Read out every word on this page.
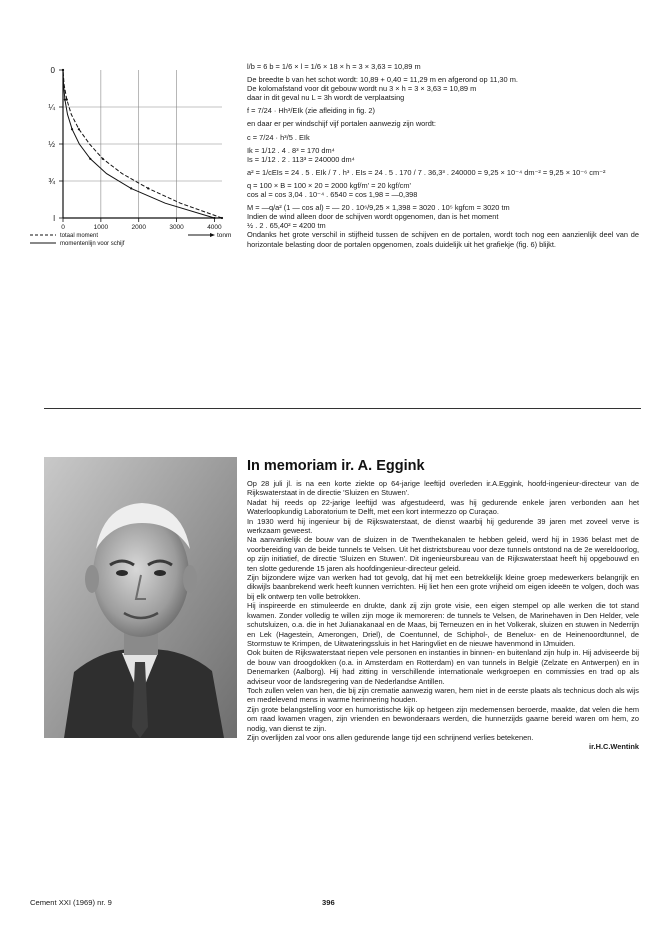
0
¼
½
¾
l
0	1000	2000	3000	4000
totaal moment
momentenlijn voor schijf
tonm
l/b = 6 b = 1/6 × l = 1/6 × 18 × h = 3 × 3,63 = 10,89 m
De breedte b van het schot wordt: 10,89 + 0,40 = 11,29 m en afgerond op 11,30 m.
De kolomafstand voor dit gebouw wordt nu 3 × h = 3 × 3,63 = 10,89 m
daar in dit geval nu L = 3h wordt de verplaatsing
f = 7/24 · Hh³/EIk (zie afleiding in fig. 2)
en daar er per windschijf vijf portalen aanwezig zijn wordt:
c = 7/24 · h³/5 . EIk
Ik = 1/12 . 4 . 8³ = 170 dm⁴
Is = 1/12 . 2 . 113³ = 240000 dm⁴
a² = 1/cEIs = 24 . 5 . EIk / 7 . h³ . EIs = 24 . 5 . 170 / 7 . 36,3³ . 240000 = 9,25 × 10⁻⁴ dm⁻² = 9,25 × 10⁻⁶ cm⁻²
q = 100 × B = 100 × 20 = 2000 kgf/m' = 20 kgf/cm'
cos al = cos 3,04 . 10⁻⁴ . 6540 = cos 1,98 = —0,398
M = —q/a² (1 — cos al) = — 20 . 10⁶/9,25 × 1,398 = 3020 . 10⁵ kgfcm = 3020 tm
Indien de wind alleen door de schijven wordt opgenomen, dan is het moment
½ . 2 . 65,40² = 4200 tm
Ondanks het grote verschil in stijfheid tussen de schijven en de portalen, wordt toch nog een aanzienlijk deel van de horizontale belasting door de portalen opgenomen, zoals duidelijk uit het grafiekje (fig. 6) blijkt.
In memoriam ir. A. Eggink

Op 28 juli jl. is na een korte ziekte op 64-jarige leeftijd overleden ir.A.Eggink, hoofd-ingenieur-directeur van de Rijkswaterstaat in de directie 'Sluizen en Stuwen'.

Nadat hij reeds op 22-jarige leeftijd was afgestudeerd, was hij gedurende enkele jaren verbonden aan het Waterloopkundig Laboratorium te Delft, met een kort intermezzo op Curaçao.

In 1930 werd hij ingenieur bij de Rijkswaterstaat, de dienst waarbij hij gedurende 39 jaren met zoveel verve is werkzaam geweest.

Na aanvankelijk de bouw van de sluizen in de Twenthekanalen te hebben geleid, werd hij in 1936 belast met de voorbereiding van de beide tunnels te Velsen. Uit het districtsbureau voor deze tunnels ontstond na de 2e wereldoorlog, op zijn initiatief, de directie 'Sluizen en Stuwen'. Dit ingenieursbureau van de Rijkswaterstaat heeft hij opgebouwd en ten slotte gedurende 15 jaren als hoofdingenieur-directeur geleid.

Zijn bijzondere wijze van werken had tot gevolg, dat hij met een betrekkelijk kleine groep medewerkers belangrijk en dikwijls baanbrekend werk heeft kunnen verrichten. Hij liet hen een grote vrijheid om eigen ideeën te volgen, doch was bij elk ontwerp ten volle betrokken.

Hij inspireerde en stimuleerde en drukte, dank zij zijn grote visie, een eigen stempel op alle werken die tot stand kwamen. Zonder volledig te willen zijn moge ik memoreren: de tunnels te Velsen, de Marinehaven in Den Helder, vele schutsluizen, o.a. die in het Julianakanaal en de Maas, bij Terneuzen en in het Volkerak, sluizen en stuwen in Nederrijn en Lek (Hagestein, Amerongen, Driel), de Coentunnel, de Schiphol-, de Benelux- en de Heinenoordtunnel, de Stormstuw te Krimpen, de Uitwateringssluis in het Haringvliet en de nieuwe havenmond in IJmuiden.

Ook buiten de Rijkswaterstaat riepen vele personen en instanties in binnen- en buitenland zijn hulp in. Hij adviseerde bij de bouw van droogdokken (o.a. in Amsterdam en Rotterdam) en van tunnels in België (Zelzate en Antwerpen) en in Denemarken (Aalborg). Hij had zitting in verschillende internationale werkgroepen en commissies en trad op als adviseur voor de landsregering van de Nederlandse Antillen.

Toch zullen velen van hen, die bij zijn crematie aanwezig waren, hem niet in de eerste plaats als technicus doch als wijs en medelevend mens in warme herinnering houden.

Zijn grote belangstelling voor en humoristische kijk op hetgeen zijn medemensen beroerde, maakte, dat velen die hem om raad kwamen vragen, zijn vrienden en bewonderaars werden, die hunnerzijds gaarne bereid waren om hem, zo nodig, van dienst te zijn.

Zijn overlijden zal voor ons allen gedurende lange tijd een schrijnend verlies betekenen.

ir.H.C.Wentink

Cement XXI (1969) nr. 9	396
